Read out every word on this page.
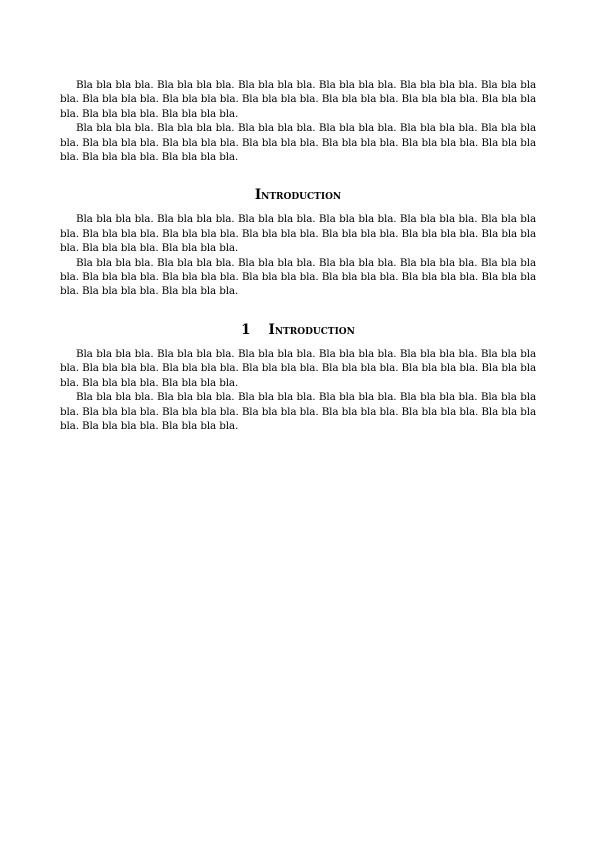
Bla bla bla bla. Bla bla bla bla. Bla bla bla bla. Bla bla bla bla. Bla bla bla bla. Bla bla bla bla. Bla bla bla bla. Bla bla bla bla. Bla bla bla bla. Bla bla bla bla. Bla bla bla bla. Bla bla bla bla. Bla bla bla bla. Bla bla bla bla.

Bla bla bla bla. Bla bla bla bla. Bla bla bla bla. Bla bla bla bla. Bla bla bla bla. Bla bla bla bla. Bla bla bla bla. Bla bla bla bla. Bla bla bla bla. Bla bla bla bla. Bla bla bla bla. Bla bla bla bla. Bla bla bla bla. Bla bla bla bla.

Introduction

Bla bla bla bla. Bla bla bla bla. Bla bla bla bla. Bla bla bla bla. Bla bla bla bla. Bla bla bla bla. Bla bla bla bla. Bla bla bla bla. Bla bla bla bla. Bla bla bla bla. Bla bla bla bla. Bla bla bla bla. Bla bla bla bla. Bla bla bla bla.

Bla bla bla bla. Bla bla bla bla. Bla bla bla bla. Bla bla bla bla. Bla bla bla bla. Bla bla bla bla. Bla bla bla bla. Bla bla bla bla. Bla bla bla bla. Bla bla bla bla. Bla bla bla bla. Bla bla bla bla. Bla bla bla bla. Bla bla bla bla.

1 Introduction

Bla bla bla bla. Bla bla bla bla. Bla bla bla bla. Bla bla bla bla. Bla bla bla bla. Bla bla bla bla. Bla bla bla bla. Bla bla bla bla. Bla bla bla bla. Bla bla bla bla. Bla bla bla bla. Bla bla bla bla. Bla bla bla bla. Bla bla bla bla.

Bla bla bla bla. Bla bla bla bla. Bla bla bla bla. Bla bla bla bla. Bla bla bla bla. Bla bla bla bla. Bla bla bla bla. Bla bla bla bla. Bla bla bla bla. Bla bla bla bla. Bla bla bla bla. Bla bla bla bla. Bla bla bla bla. Bla bla bla bla.
